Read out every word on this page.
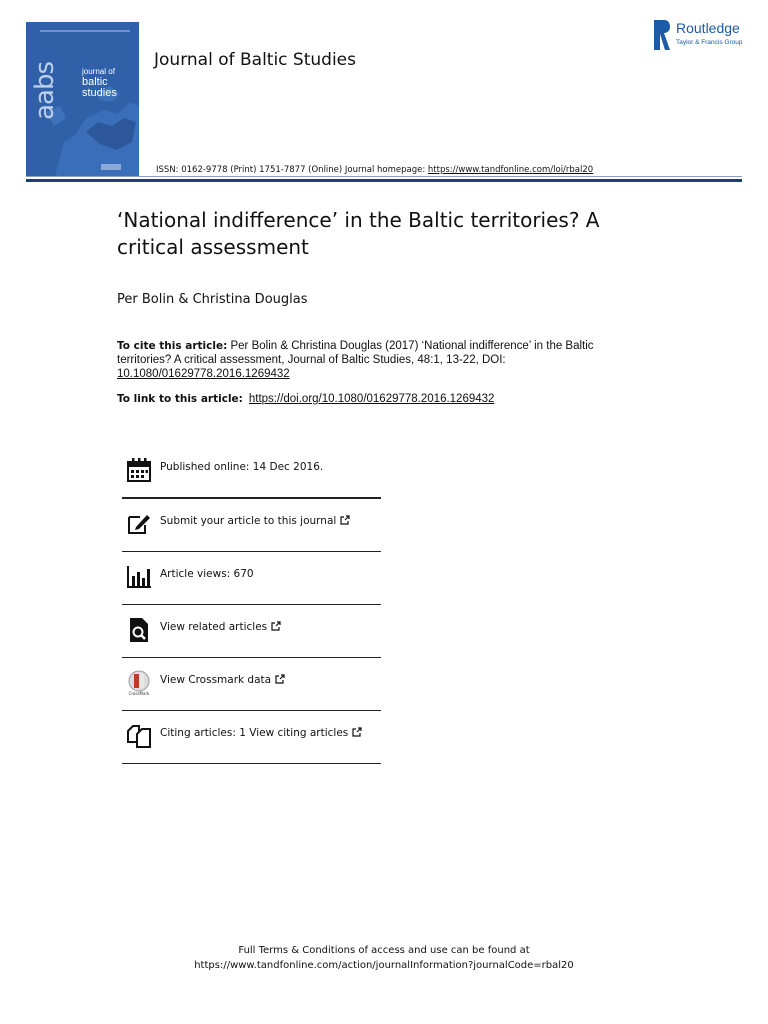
aabs	journal of
baltic
studies
Journal of Baltic Studies
Routledge
Taylor & Francis Group
ISSN: 0162-9778 (Print) 1751-7877 (Online) Journal homepage: https://www.tandfonline.com/loi/rbal20
‘National indifference’ in the Baltic territories? A critical assessment
Per Bolin & Christina Douglas
To cite this article: Per Bolin & Christina Douglas (2017) ‘National indifference’ in the Baltic territories? A critical assessment, Journal of Baltic Studies, 48:1, 13-22, DOI: 10.1080/01629778.2016.1269432
To link to this article: https://doi.org/10.1080/01629778.2016.1269432
Published online: 14 Dec 2016.
Submit your article to this journal
Article views: 670
View related articles
CrossMark
View Crossmark data
Citing articles: 1 View citing articles
Full Terms & Conditions of access and use can be found at
https://www.tandfonline.com/action/journalInformation?journalCode=rbal20
